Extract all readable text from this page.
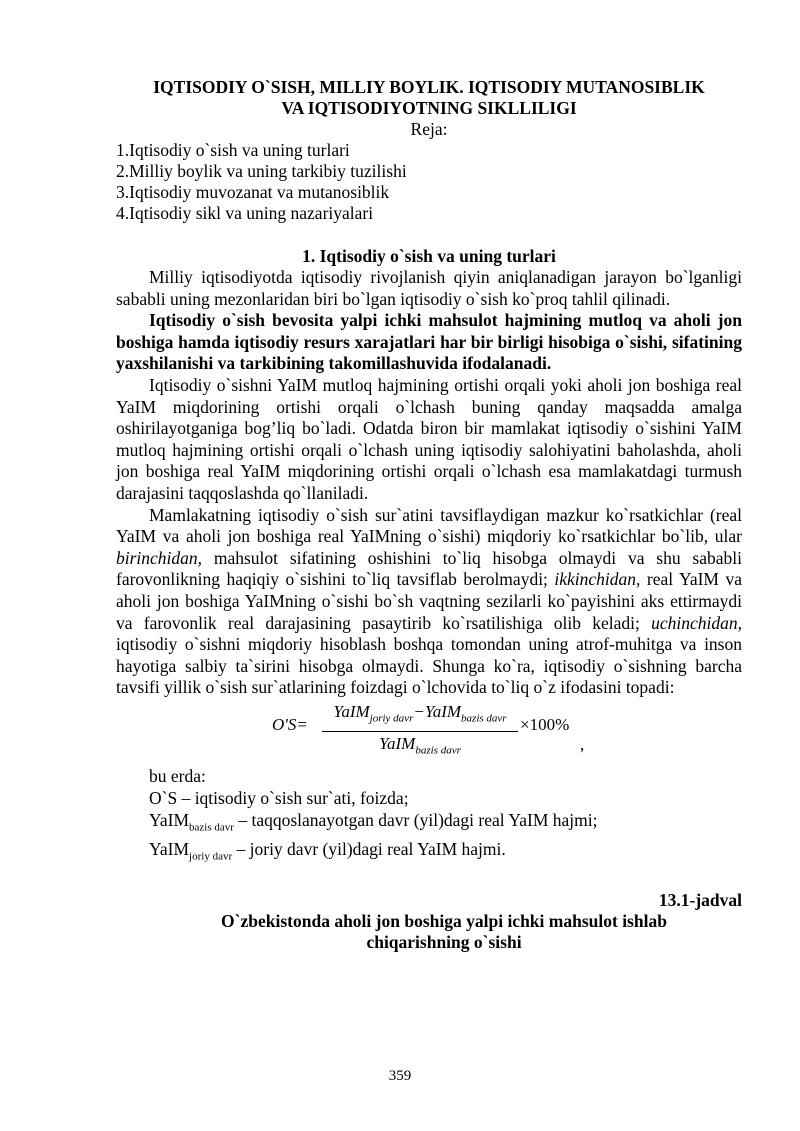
IQTISODIY O`SISH, MILLIY BOYLIK. IQTISODIY MUTANOSIBLIK
VA IQTISODIYOTNING SIKLLILIGI
Reja:
1.Iqtisodiy o`sish va uning turlari
2.Milliy boylik va uning tarkibiy tuzilishi
3.Iqtisodiy muvozanat va mutanosiblik
4.Iqtisodiy sikl va uning nazariyalari
1. Iqtisodiy o`sish va uning turlari

Milliy iqtisodiyotda iqtisodiy rivojlanish qiyin aniqlanadigan jarayon bo`lganligi sababli uning mezonlaridan biri bo`lgan iqtisodiy o`sish ko`proq tahlil qilinadi.

Iqtisodiy o`sish bevosita yalpi ichki mahsulot hajmining mutloq va aholi jon boshiga hamda iqtisodiy resurs xarajatlari har bir birligi hisobiga o`sishi, sifatining yaxshilanishi va tarkibining takomillashuvida ifodalanadi.

Iqtisodiy o`sishni YaIM mutloq hajmining ortishi orqali yoki aholi jon boshiga real YaIM miqdorining ortishi orqali o`lchash buning qanday maqsadda amalga oshirilayotganiga bog’liq bo`ladi. Odatda biron bir mamlakat iqtisodiy o`sishini YaIM mutloq hajmining ortishi orqali o`lchash uning iqtisodiy salohiyatini baholashda, aholi jon boshiga real YaIM miqdorining ortishi orqali o`lchash esa mamlakatdagi turmush darajasini taqqoslashda qo`llaniladi.

Mamlakatning iqtisodiy o`sish sur`atini tavsiflaydigan mazkur ko`rsatkichlar (real YaIM va aholi jon boshiga real YaIMning o`sishi) miqdoriy ko`rsatkichlar bo`lib, ular birinchidan, mahsulot sifatining oshishini to`liq hisobga olmaydi va shu sababli farovonlikning haqiqiy o`sishini to`liq tavsiflab berolmaydi; ikkinchidan, real YaIM va aholi jon boshiga YaIMning o`sishi bo`sh vaqtning sezilarli ko`payishini aks ettirmaydi va farovonlik real darajasining pasaytirib ko`rsatilishiga olib keladi; uchinchidan, iqtisodiy o`sishni miqdoriy hisoblash boshqa tomondan uning atrof-muhitga va inson hayotiga salbiy ta`sirini hisobga olmaydi. Shunga ko`ra, iqtisodiy o`sishning barcha tavsifi yillik o`sish sur`atlarining foizdagi o`lchovida to`liq o`z ifodasini topadi:

O'S=
YaIM$_{joriy davr}$−YaIM$_{bazis davr}$
YaIM$_{bazis davr}$
×100%
,
bu erda:
O`S – iqtisodiy o`sish sur`ati, foizda;
YaIM$_{bazis davr}$ – taqqoslanayotgan davr (yil)dagi real YaIM hajmi;
YaIM$_{joriy davr}$ – joriy davr (yil)dagi real YaIM hajmi.
13.1-jadval
O`zbekistonda aholi jon boshiga yalpi ichki mahsulot ishlab
chiqarishning o`sishi
359
